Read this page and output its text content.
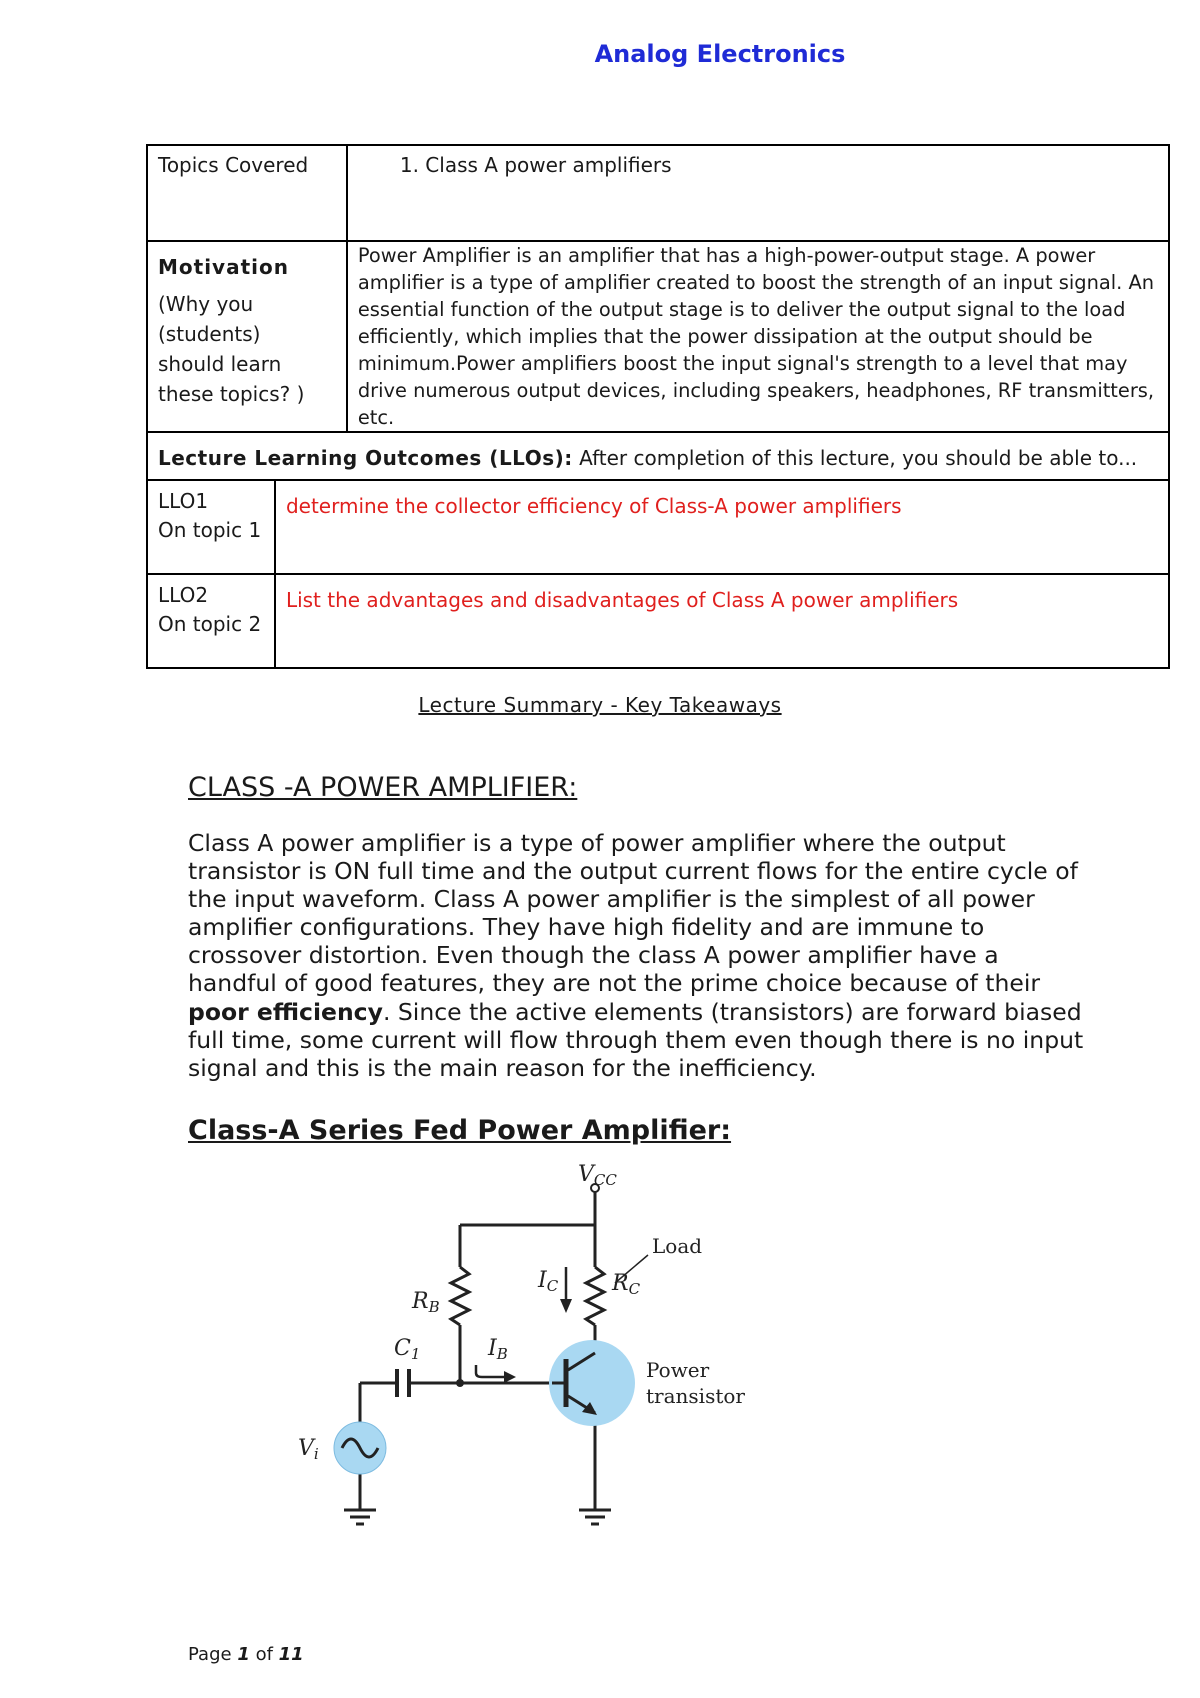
Analog Electronics
Topics Covered		1. Class A power amplifiers

Motivation
(Why you (students) should learn these topics? )		Power Amplifier is an amplifier that has a high-power-output stage. A power amplifier is a type of amplifier created to boost the strength of an input signal. An essential function of the output stage is to deliver the output signal to the load efficiently, which implies that the power dissipation at the output should be minimum.Power amplifiers boost the input signal's strength to a level that may drive numerous output devices, including speakers, headphones, RF transmitters, etc.
Lecture Learning Outcomes (LLOs): After completion of this lecture, you should be able to...		

LLO1
On topic 1	determine the collector efficiency of Class-A power amplifiers	

LLO2
On topic 2	List the advantages and disadvantages of Class A power amplifiers	
Lecture Summary - Key Takeaways
CLASS -A POWER AMPLIFIER:
Class A power amplifier is a type of power amplifier where the output transistor is ON full time and the output current flows for the entire cycle of the input waveform. Class A power amplifier is the simplest of all power amplifier configurations. They have high fidelity and are immune to crossover distortion. Even though the class A power amplifier have a handful of good features, they are not the prime choice because of their poor efficiency. Since the active elements (transistors) are forward biased full time, some current will flow through them even though there is no input signal and this is the main reason for the inefficiency.
Class-A Series Fed Power Amplifier:
VCC
Load
IC RC
RB
IB
C1
Vi
Power
transistor
Page 1 of 11
